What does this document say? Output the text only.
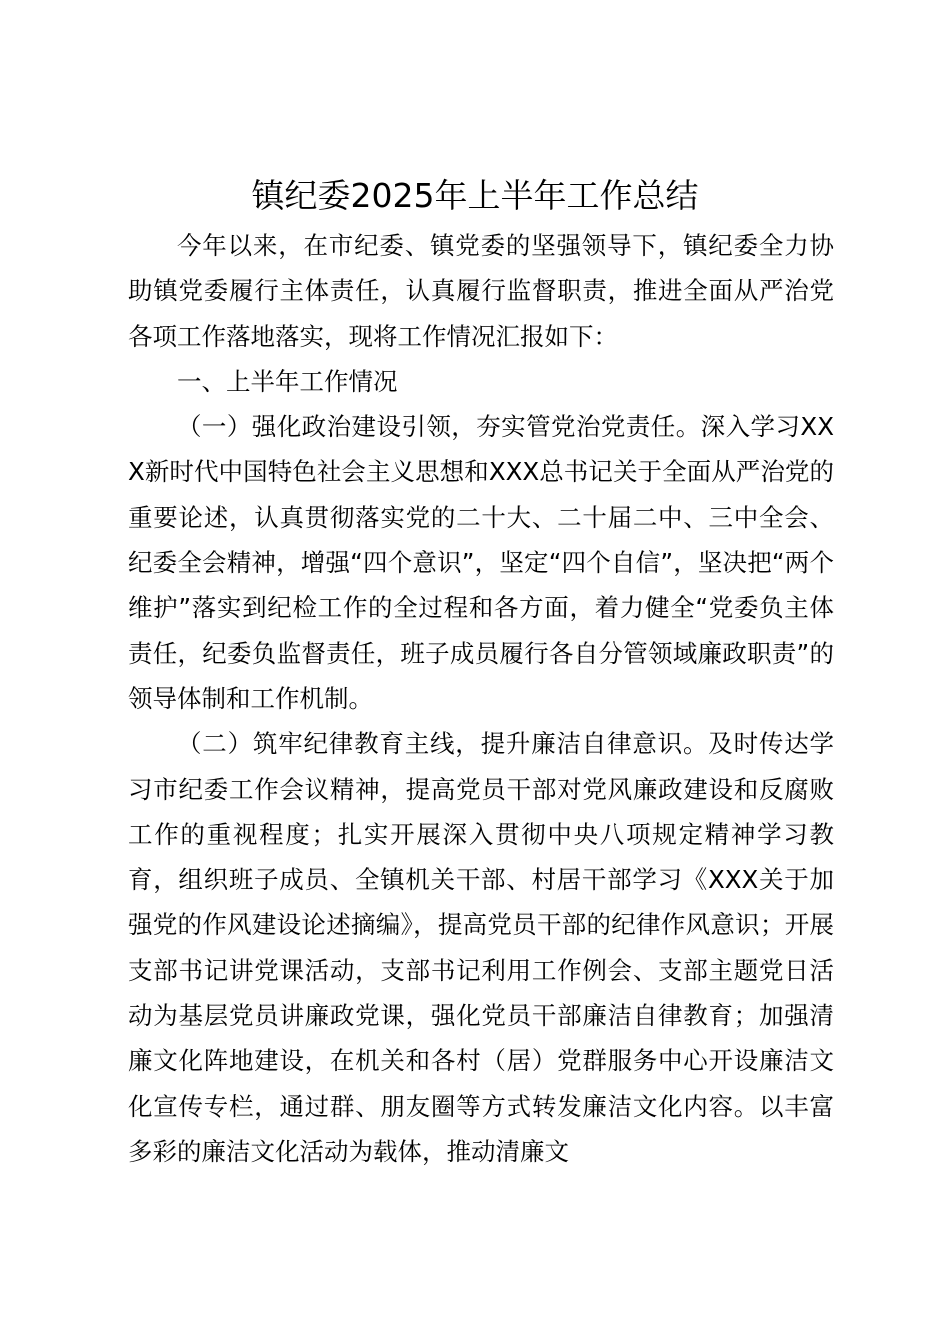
镇纪委2025年上半年工作总结

今年以来，在市纪委、镇党委的坚强领导下，镇纪委全力协助镇党委履行主体责任，认真履行监督职责，推进全面从严治党各项工作落地落实，现将工作情况汇报如下：

一、上半年工作情况

（一）强化政治建设引领，夯实管党治党责任。深入学习XXX新时代中国特色社会主义思想和XXX总书记关于全面从严治党的重要论述，认真贯彻落实党的二十大、二十届二中、三中全会、纪委全会精神，增强“四个意识”，坚定“四个自信”，坚决把“两个维护”落实到纪检工作的全过程和各方面，着力健全“党委负主体责任，纪委负监督责任，班子成员履行各自分管领域廉政职责”的领导体制和工作机制。

（二）筑牢纪律教育主线，提升廉洁自律意识。及时传达学习市纪委工作会议精神，提高党员干部对党风廉政建设和反腐败工作的重视程度；扎实开展深入贯彻中央八项规定精神学习教育，组织班子成员、全镇机关干部、村居干部学习《XXX关于加强党的作风建设论述摘编》，提高党员干部的纪律作风意识；开展支部书记讲党课活动，支部书记利用工作例会、支部主题党日活动为基层党员讲廉政党课，强化党员干部廉洁自律教育；加强清廉文化阵地建设，在机关和各村（居）党群服务中心开设廉洁文化宣传专栏，通过群、朋友圈等方式转发廉洁文化内容。以丰富多彩的廉洁文化活动为载体，推动清廉文
